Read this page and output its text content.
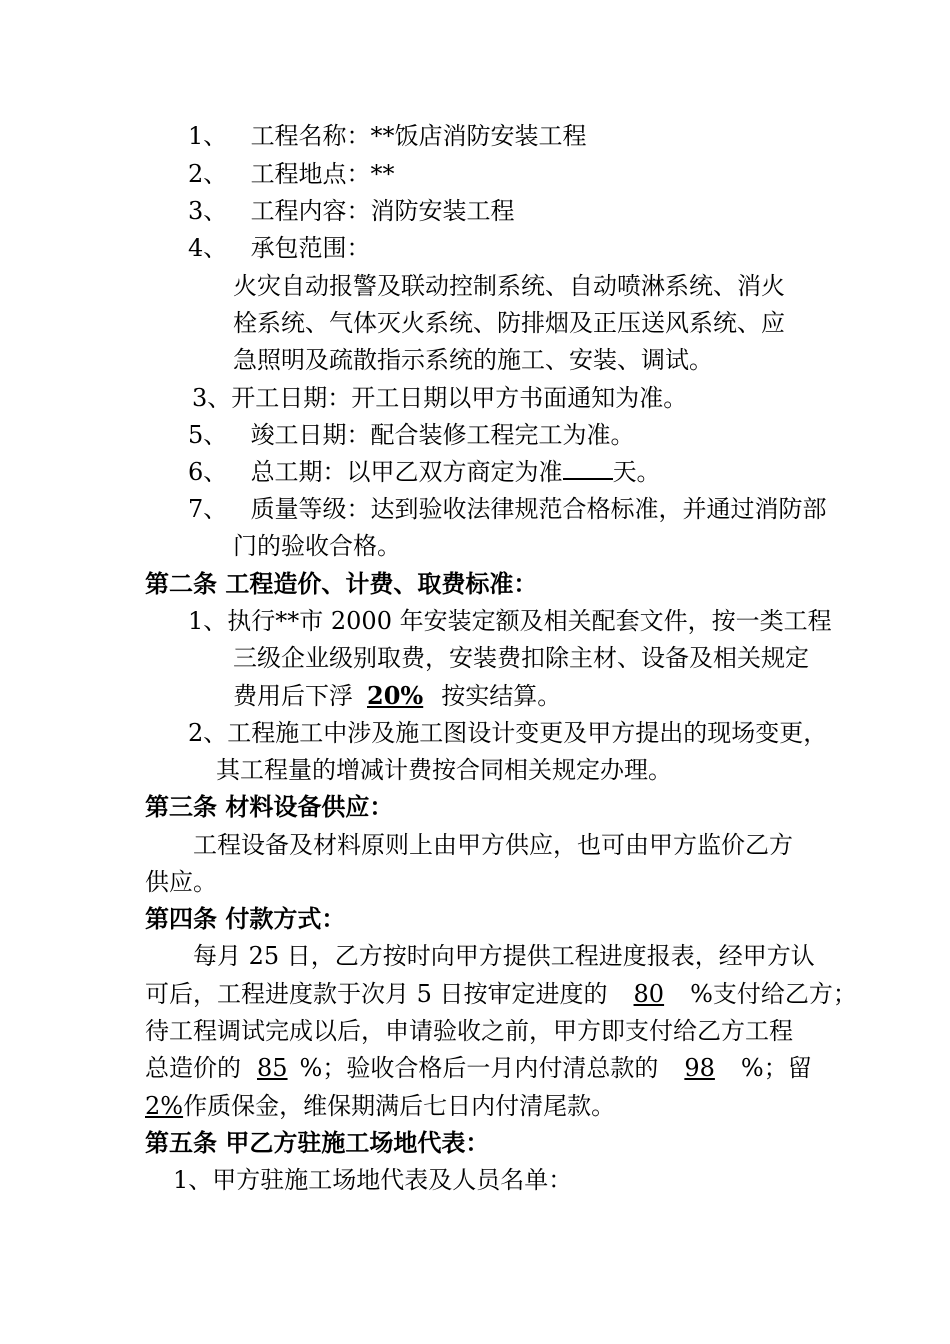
1、 工程名称：**饭店消防安装工程
2、 工程地点：**
3、 工程内容：消防安装工程
4、 承包范围：
火灾自动报警及联动控制系统、自动喷淋系统、消火
栓系统、气体灭火系统、防排烟及正压送风系统、应
急照明及疏散指示系统的施工、安装、调试。
3、开工日期：开工日期以甲方书面通知为准。
5、 竣工日期：配合装修工程完工为准。
6、 总工期：以甲乙双方商定为准 天。
7、 质量等级：达到验收法律规范合格标准，并通过消防部
门的验收合格。
第二条 工程造价、计费、取费标准：
1、执行**市 2000 年安装定额及相关配套文件，按一类工程
三级企业级别取费，安装费扣除主材、设备及相关规定
费用后下浮 20% 按实结算。
2、工程施工中涉及施工图设计变更及甲方提出的现场变更，
其工程量的增减计费按合同相关规定办理。
第三条 材料设备供应：
工程设备及材料原则上由甲方供应，也可由甲方监价乙方
供应。
第四条 付款方式：
每月 25 日，乙方按时向甲方提供工程进度报表，经甲方认
可后，工程进度款于次月 5 日按审定进度的 80 %支付给乙方；
待工程调试完成以后，申请验收之前，甲方即支付给乙方工程
总造价的 85 %；验收合格后一月内付清总款的 98 %；留
2%作质保金，维保期满后七日内付清尾款。
第五条 甲乙方驻施工场地代表：
1、甲方驻施工场地代表及人员名单：
